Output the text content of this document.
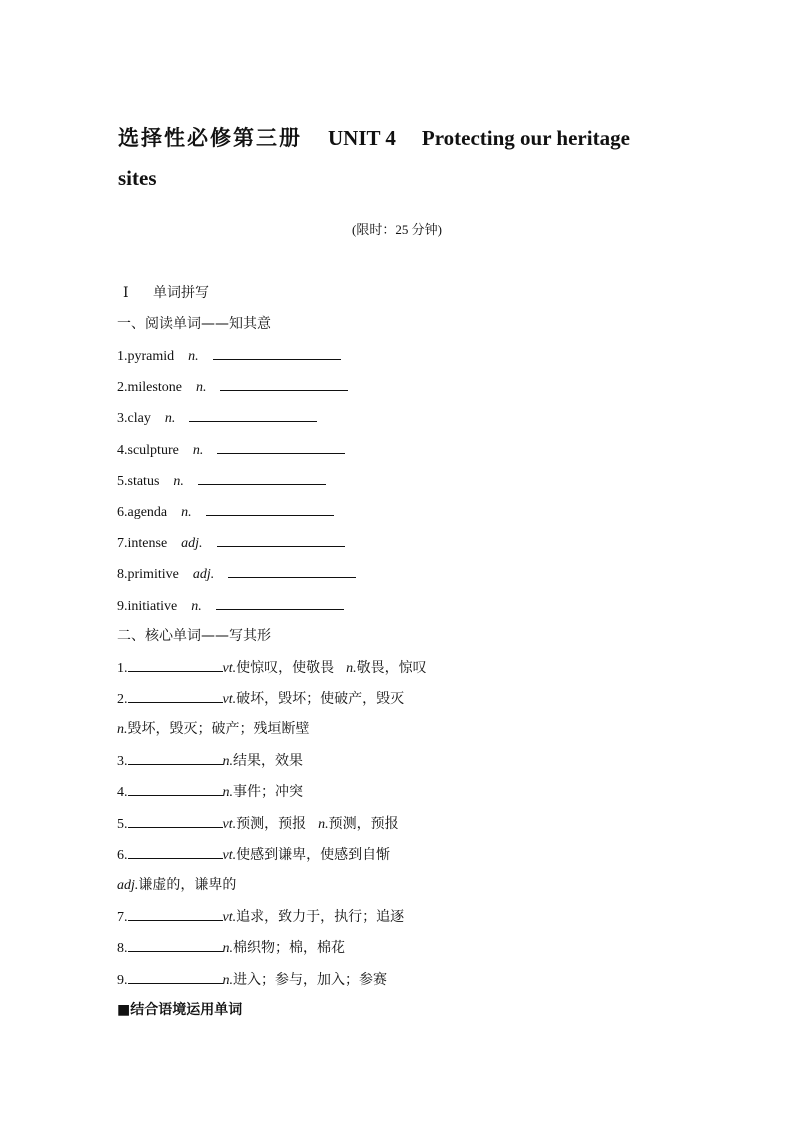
选择性必修第三册 UNIT 4 Protecting our heritage
sites
(限时：25 分钟)
Ⅰ 单词拼写
一、阅读单词——知其意
1.pyramid n.
2.milestone n.
3.clay n.
4.sculpture n.
5.status n.
6.agenda n.
7.intense adj.
8.primitive adj.
9.initiative n.
二、核心单词——写其形
1.	vt.使惊叹，使敬畏 n.敬畏，惊叹
2.	vt.破坏，毁坏；使破产，毁灭
n.毁坏，毁灭；破产；残垣断壁
3.	n.结果，效果
4.	n.事件；冲突
5.	vt.预测，预报 n.预测，预报
6.	vt.使感到谦卑，使感到自惭
adj.谦虚的，谦卑的
7.	vt.追求，致力于，执行；追逐
8.	n.棉织物；棉，棉花
9.	n.进入；参与，加入；参赛
■结合语境运用单词
